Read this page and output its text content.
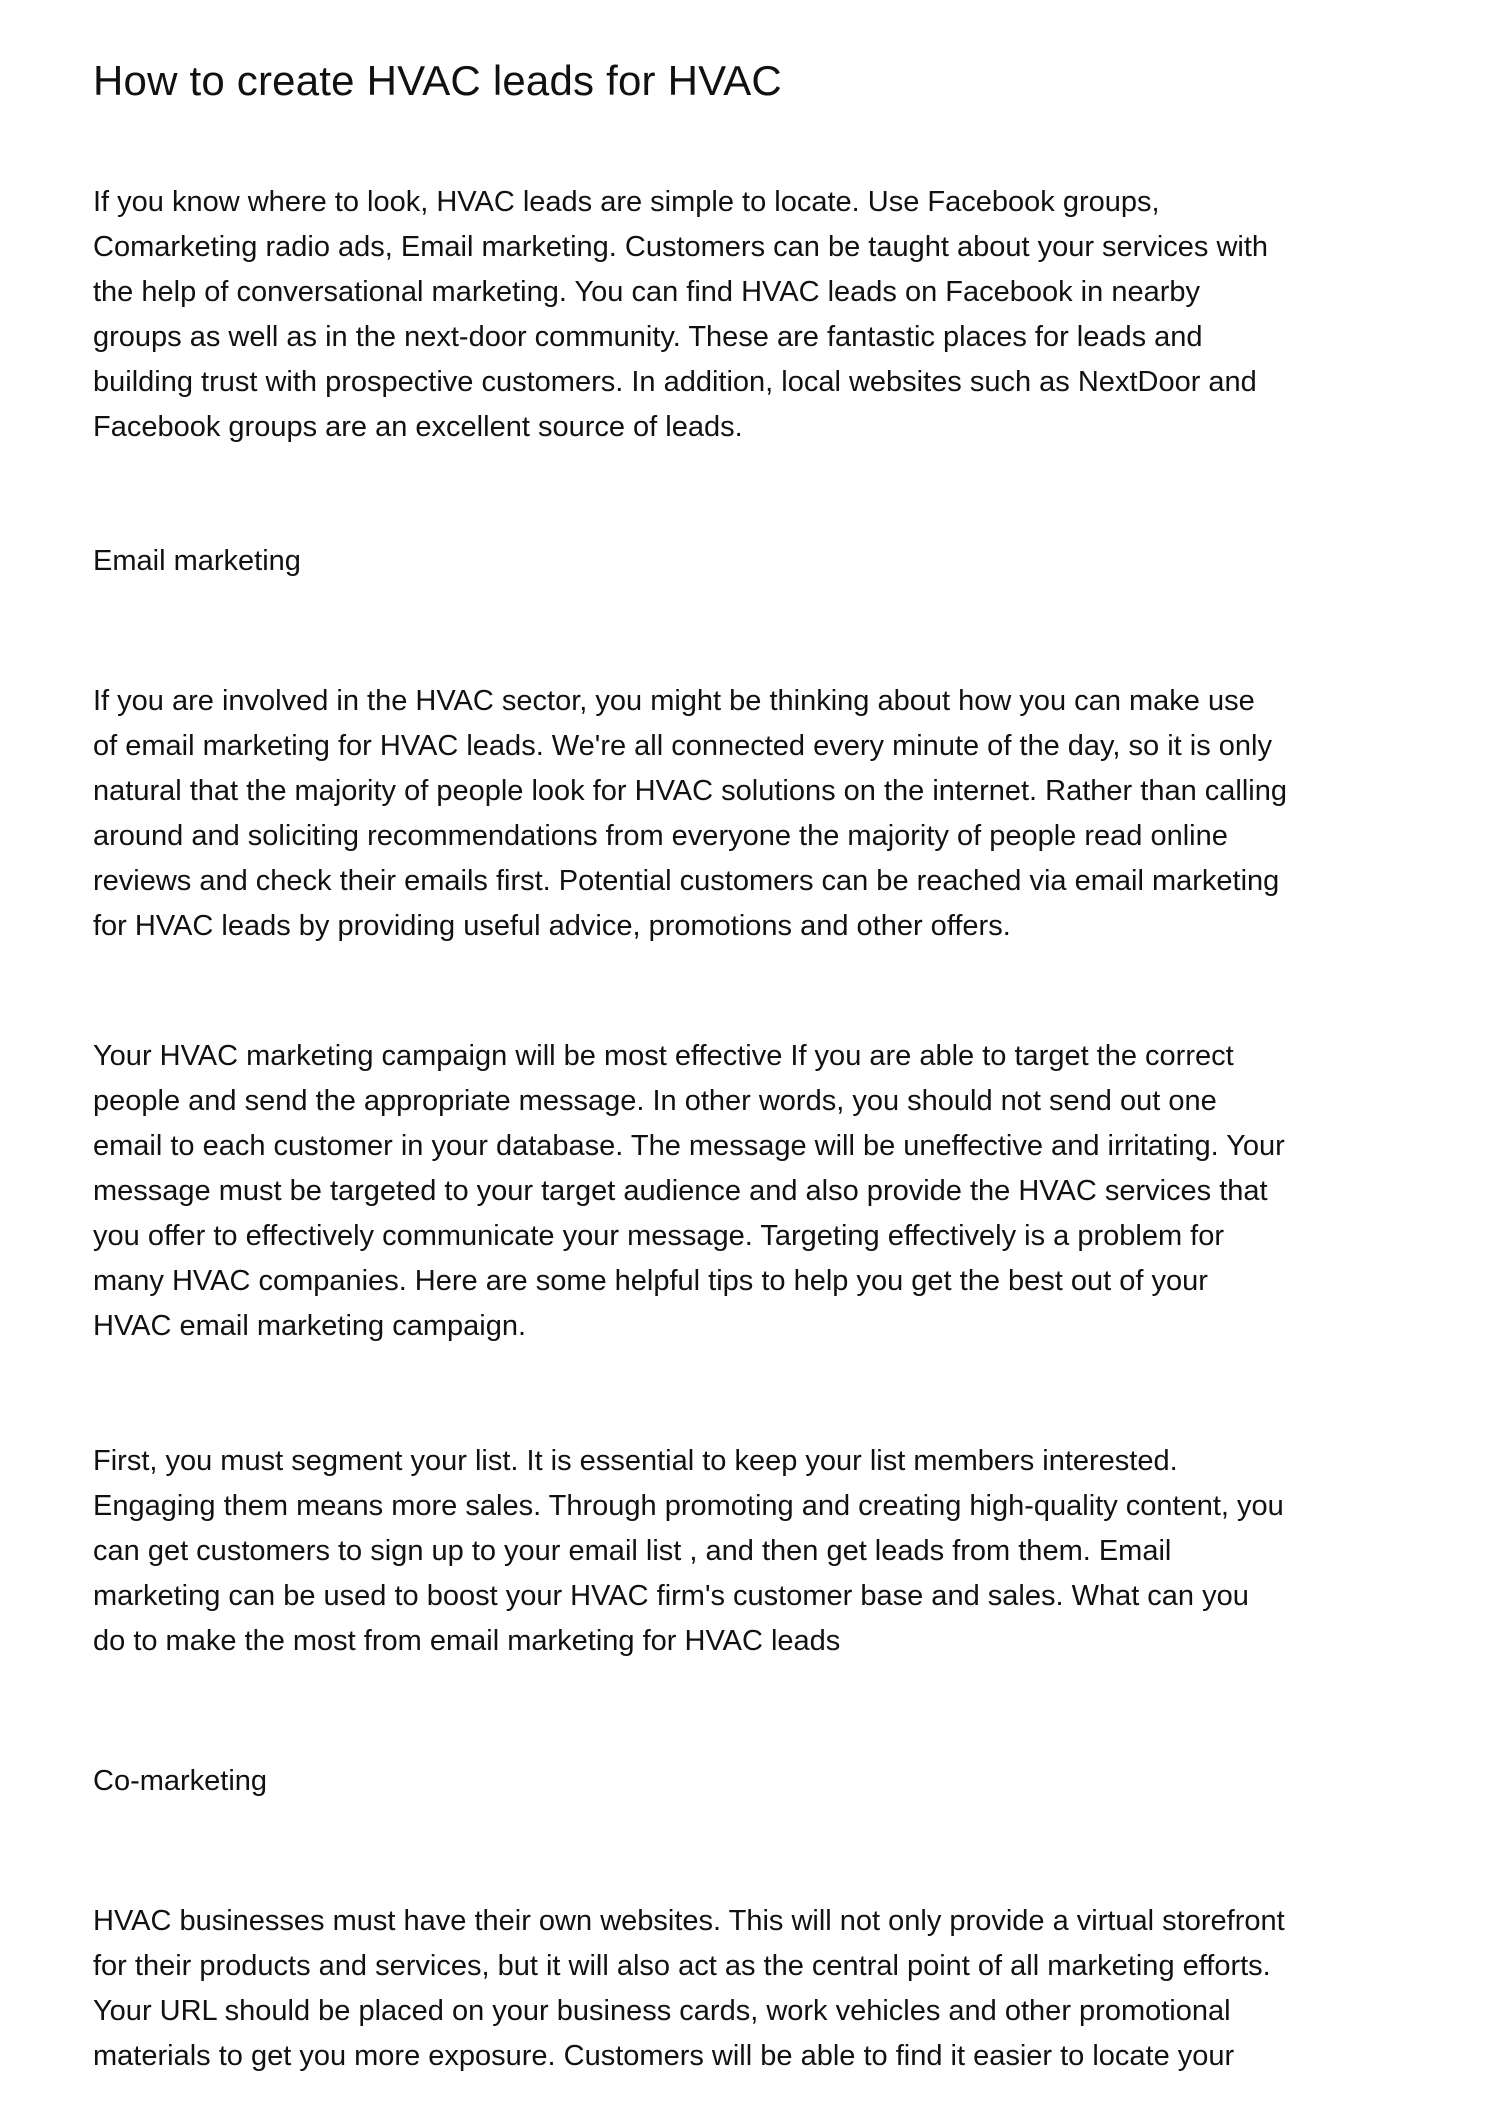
How to create HVAC leads for HVAC
If you know where to look, HVAC leads are simple to locate. Use Facebook groups,
Comarketing radio ads, Email marketing. Customers can be taught about your services with
the help of conversational marketing. You can find HVAC leads on Facebook in nearby
groups as well as in the next-door community. These are fantastic places for leads and
building trust with prospective customers. In addition, local websites such as NextDoor and
Facebook groups are an excellent source of leads.
Email marketing
If you are involved in the HVAC sector, you might be thinking about how you can make use
of email marketing for HVAC leads. We're all connected every minute of the day, so it is only
natural that the majority of people look for HVAC solutions on the internet. Rather than calling
around and soliciting recommendations from everyone the majority of people read online
reviews and check their emails first. Potential customers can be reached via email marketing
for HVAC leads by providing useful advice, promotions and other offers.
Your HVAC marketing campaign will be most effective If you are able to target the correct
people and send the appropriate message. In other words, you should not send out one
email to each customer in your database. The message will be uneffective and irritating. Your
message must be targeted to your target audience and also provide the HVAC services that
you offer to effectively communicate your message. Targeting effectively is a problem for
many HVAC companies. Here are some helpful tips to help you get the best out of your
HVAC email marketing campaign.
First, you must segment your list. It is essential to keep your list members interested.
Engaging them means more sales. Through promoting and creating high-quality content, you
can get customers to sign up to your email list , and then get leads from them. Email
marketing can be used to boost your HVAC firm's customer base and sales. What can you
do to make the most from email marketing for HVAC leads
Co-marketing
HVAC businesses must have their own websites. This will not only provide a virtual storefront
for their products and services, but it will also act as the central point of all marketing efforts.
Your URL should be placed on your business cards, work vehicles and other promotional
materials to get you more exposure. Customers will be able to find it easier to locate your
